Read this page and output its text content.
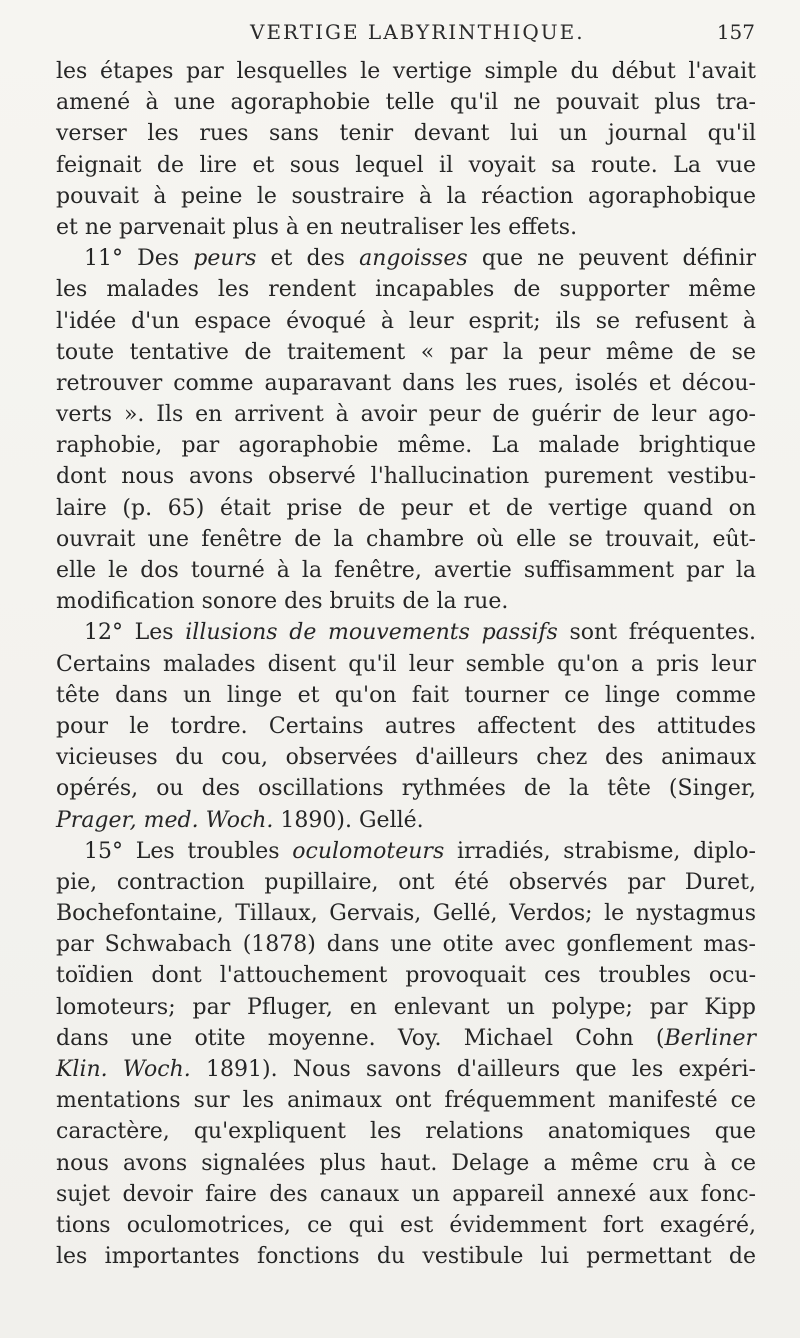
VERTIGE LABYRINTHIQUE.	157
les étapes par lesquelles le vertige simple du début l'avait
amené à une agoraphobie telle qu'il ne pouvait plus tra-
verser les rues sans tenir devant lui un journal qu'il
feignait de lire et sous lequel il voyait sa route. La vue
pouvait à peine le soustraire à la réaction agoraphobique
et ne parvenait plus à en neutraliser les effets.
11° Des peurs et des angoisses que ne peuvent définir
les malades les rendent incapables de supporter même
l'idée d'un espace évoqué à leur esprit; ils se refusent à
toute tentative de traitement « par la peur même de se
retrouver comme auparavant dans les rues, isolés et décou-
verts ». Ils en arrivent à avoir peur de guérir de leur ago-
raphobie, par agoraphobie même. La malade brightique
dont nous avons observé l'hallucination purement vestibu-
laire (p. 65) était prise de peur et de vertige quand on
ouvrait une fenêtre de la chambre où elle se trouvait, eût-
elle le dos tourné à la fenêtre, avertie suffisamment par la
modification sonore des bruits de la rue.
12° Les illusions de mouvements passifs sont fréquentes.
Certains malades disent qu'il leur semble qu'on a pris leur
tête dans un linge et qu'on fait tourner ce linge comme
pour le tordre. Certains autres affectent des attitudes
vicieuses du cou, observées d'ailleurs chez des animaux
opérés, ou des oscillations rythmées de la tête (Singer,
Prager, med. Woch. 1890). Gellé.
15° Les troubles oculomoteurs irradiés, strabisme, diplo-
pie, contraction pupillaire, ont été observés par Duret,
Bochefontaine, Tillaux, Gervais, Gellé, Verdos; le nystagmus
par Schwabach (1878) dans une otite avec gonflement mas-
toïdien dont l'attouchement provoquait ces troubles ocu-
lomoteurs; par Pfluger, en enlevant un polype; par Kipp
dans une otite moyenne. Voy. Michael Cohn (Berliner
Klin. Woch. 1891). Nous savons d'ailleurs que les expéri-
mentations sur les animaux ont fréquemment manifesté ce
caractère, qu'expliquent les relations anatomiques que
nous avons signalées plus haut. Delage a même cru à ce
sujet devoir faire des canaux un appareil annexé aux fonc-
tions oculomotrices, ce qui est évidemment fort exagéré,
les importantes fonctions du vestibule lui permettant de
